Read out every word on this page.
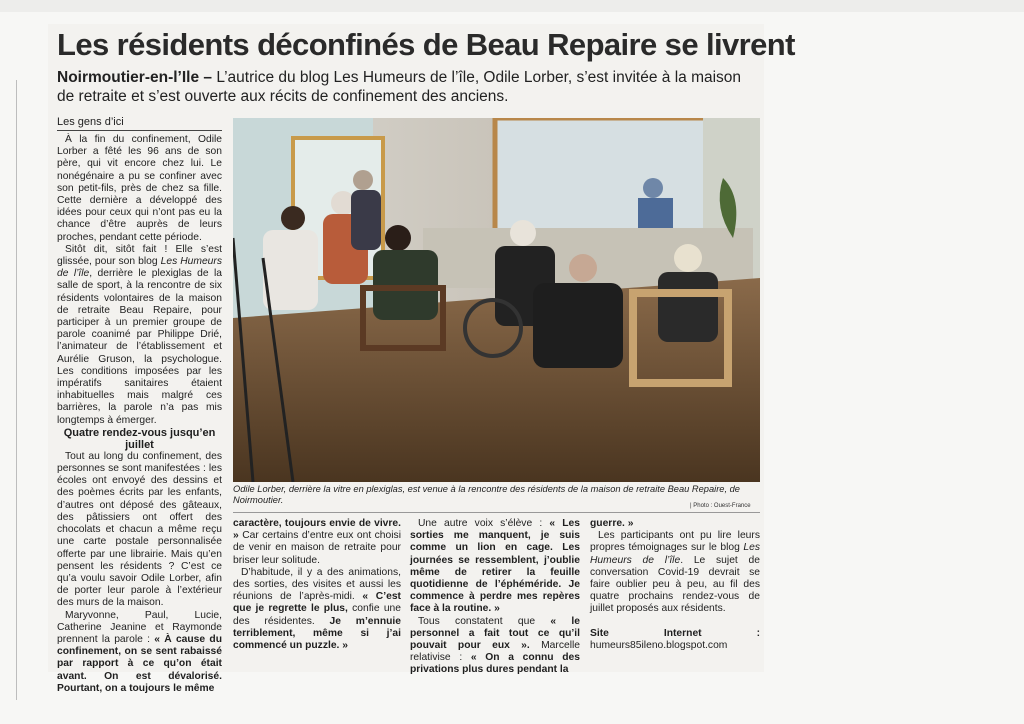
Les résidents déconfinés de Beau Repaire se livrent
Noirmoutier-en-l’Ile – L’autrice du blog Les Humeurs de l’île, Odile Lorber, s’est invitée à la maison de retraite et s’est ouverte aux récits de confinement des anciens.
Les gens d’ici

À la fin du confinement, Odile Lorber a fêté les 96 ans de son père, qui vit encore chez lui. Le nonégénaire a pu se confiner avec son petit-fils, près de chez sa fille. Cette dernière a développé des idées pour ceux qui n’ont pas eu la chance d’être auprès de leurs proches, pendant cette période.

Sitôt dit, sitôt fait ! Elle s’est glissée, pour son blog Les Humeurs de l’île, derrière le plexiglas de la salle de sport, à la rencontre de six résidents volontaires de la maison de retraite Beau Repaire, pour participer à un premier groupe de parole coanimé par Philippe Drié, l’animateur de l’établissement et Aurélie Gruson, la psychologue. Les conditions imposées par les impératifs sanitaires étaient inhabituelles mais malgré ces barrières, la parole n’a pas mis longtemps à émerger.

Quatre rendez-vous jusqu’en juillet

Tout au long du confinement, des personnes se sont manifestées : les écoles ont envoyé des dessins et des poèmes écrits par les enfants, d’autres ont déposé des gâteaux, des pâtissiers ont offert des chocolats et chacun a même reçu une carte postale personnalisée offerte par une librairie. Mais qu’en pensent les résidents ? C’est ce qu’a voulu savoir Odile Lorber, afin de porter leur parole à l’extérieur des murs de la maison.

Maryvonne, Paul, Lucie, Catherine Jeanine et Raymonde prennent la parole : « À cause du confinement, on se sent rabaissé par rapport à ce qu’on était avant. On est dévalorisé. Pourtant, on a toujours le même

Odile Lorber, derrière la vitre en plexiglas, est venue à la rencontre des résidents de la maison de retraite Beau Repaire, de Noirmoutier.
| Photo : Ouest-France

caractère, toujours envie de vivre. » Car certains d’entre eux ont choisi de venir en maison de retraite pour briser leur solitude.

D’habitude, il y a des animations, des sorties, des visites et aussi les réunions de l’après-midi. « C’est que je regrette le plus, confie une des résidentes. Je m’ennuie terriblement, même si j’ai commencé un puzzle. »

Une autre voix s’élève : « Les sorties me manquent, je suis comme un lion en cage. Les journées se ressemblent, j’oublie même de retirer la feuille quotidienne de l’éphéméride. Je commence à perdre mes repères face à la routine. »

Tous constatent que « le personnel a fait tout ce qu’il pouvait pour eux ». Marcelle relativise : « On a connu des privations plus dures pendant la

guerre. »

Les participants ont pu lire leurs propres témoignages sur le blog Les Humeurs de l’île. Le sujet de conversation Covid-19 devrait se faire oublier peu à peu, au fil des quatre prochains rendez-vous de juillet proposés aux résidents.

Site Internet : humeurs85ileno.blogspot.com
